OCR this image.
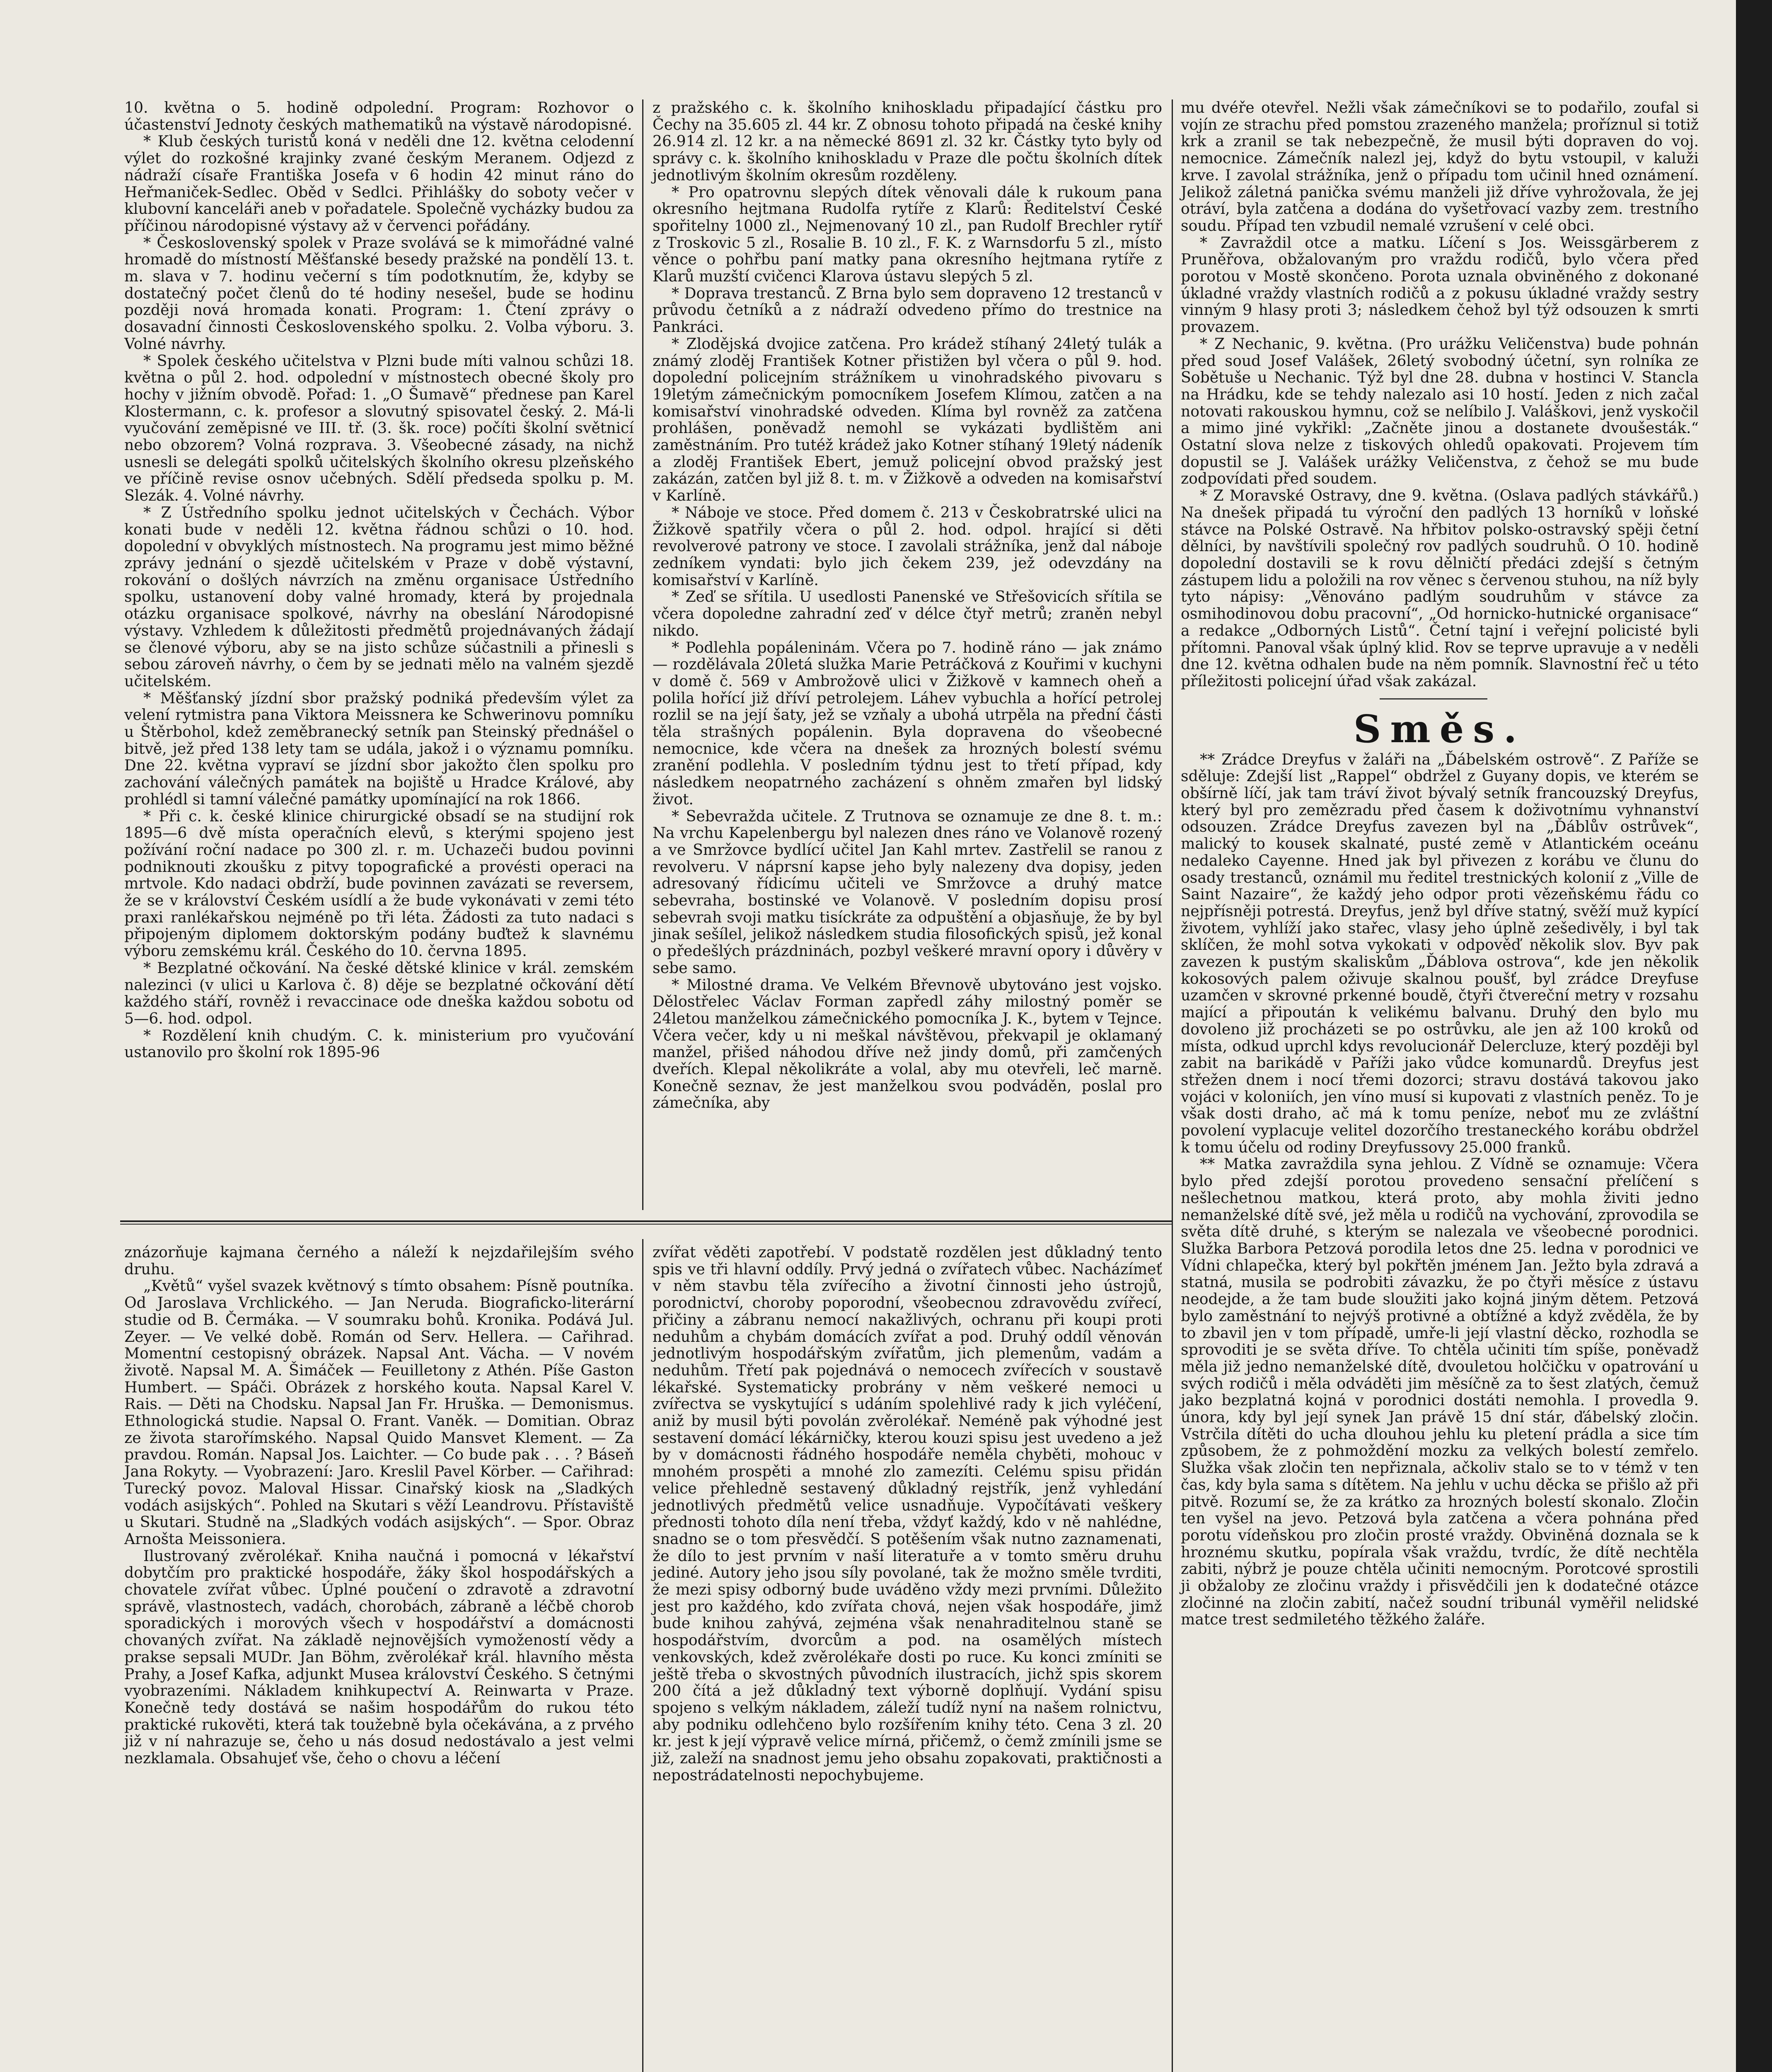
10. května o 5. hodině odpolední. Program: Rozhovor o účastenství Jednoty českých mathematiků na výstavě národopisné.

* Klub českých turistů koná v neděli dne 12. května celodenní výlet do rozkošné krajinky zvané českým Meranem. Odjezd z nádraží císaře Františka Josefa v 6 hodin 42 minut ráno do Heřmaniček-Sedlec. Oběd v Sedlci. Přihlášky do soboty večer v klubovní kanceláři aneb v pořadatele. Společně vycházky budou za příčinou národopisné výstavy až v červenci pořádány.

* Československý spolek v Praze svolává se k mimořádné valné hromadě do místností Měšťanské besedy pražské na pondělí 13. t. m. slava v 7. hodinu večerní s tím podotknutím, že, kdyby se dostatečný počet členů do té hodiny nesešel, bude se hodinu později nová hromada konati. Program: 1. Čtení zprávy o dosavadní činnosti Československého spolku. 2. Volba výboru. 3. Volné návrhy.

* Spolek českého učitelstva v Plzni bude míti valnou schůzi 18. května o půl 2. hod. odpolední v místnostech obecné školy pro hochy v jižním obvodě. Pořad: 1. „O Šumavě“ přednese pan Karel Klostermann, c. k. profesor a slovutný spisovatel český. 2. Má-li vyučování zeměpisné ve III. tř. (3. šk. roce) počíti školní světnicí nebo obzorem? Volná rozprava. 3. Všeobecné zásady, na nichž usnesli se delegáti spolků učitelských školního okresu plzeňského ve příčině revise osnov učebných. Sdělí předseda spolku p. M. Slezák. 4. Volné návrhy.

* Z Ústředního spolku jednot učitelských v Čechách. Výbor konati bude v neděli 12. května řádnou schůzi o 10. hod. dopolední v obvyklých místnostech. Na programu jest mimo běžné zprávy jednání o sjezdě učitelském v Praze v době výstavní, rokování o došlých návrzích na změnu organisace Ústředního spolku, ustanovení doby valné hromady, která by projednala otázku organisace spolkové, návrhy na obeslání Národopisné výstavy. Vzhledem k důležitosti předmětů projednávaných žádají se členové výboru, aby se na jisto schůze súčastnili a přinesli s sebou zároveň návrhy, o čem by se jednati mělo na valném sjezdě učitelském.

* Měšťanský jízdní sbor pražský podniká především výlet za velení rytmistra pana Viktora Meissnera ke Schwerinovu pomníku u Štěrbohol, kdež zeměbranecký setník pan Steinský přednášel o bitvě, jež před 138 lety tam se udála, jakož i o významu pomníku. Dne 22. května vypraví se jízdní sbor jakožto člen spolku pro zachování válečných památek na bojiště u Hradce Králové, aby prohlédl si tamní válečné památky upomínající na rok 1866.

* Při c. k. české klinice chirurgické obsadí se na studijní rok 1895—6 dvě místa operačních elevů, s kterými spojeno jest požívání roční nadace po 300 zl. r. m. Uchazeči budou povinni podniknouti zkoušku z pitvy topografické a provésti operaci na mrtvole. Kdo nadaci obdrží, bude povinnen zavázati se reversem, že se v království Českém usídlí a že bude vykonávati v zemi této praxi ranlékařskou nejméně po tři léta. Žádosti za tuto nadaci s připojeným diplomem doktorským podány buďtež k slavnému výboru zemskému král. Českého do 10. června 1895.

* Bezplatné očkování. Na české dětské klinice v král. zemském nalezinci (v ulici u Karlova č. 8) děje se bezplatné očkování dětí každého stáří, rovněž i revaccinace ode dneška každou sobotu od 5—6. hod. odpol.

* Rozdělení knih chudým. C. k. ministerium pro vyučování ustanovilo pro školní rok 1895-96

z pražského c. k. školního knihoskladu připadající částku pro Čechy na 35.605 zl. 44 kr. Z obnosu tohoto připadá na české knihy 26.914 zl. 12 kr. a na německé 8691 zl. 32 kr. Částky tyto byly od správy c. k. školního knihoskladu v Praze dle počtu školních dítek jednotlivým školním okresům rozděleny.

* Pro opatrovnu slepých dítek věnovali dále k rukoum pana okresního hejtmana Rudolfa rytíře z Klarů: Ředitelství České spořitelny 1000 zl., Nejmenovaný 10 zl., pan Rudolf Brechler rytíř z Troskovic 5 zl., Rosalie B. 10 zl., F. K. z Warnsdorfu 5 zl., místo věnce o pohřbu paní matky pana okresního hejtmana rytíře z Klarů muzští cvičenci Klarova ústavu slepých 5 zl.

* Doprava trestanců. Z Brna bylo sem dopraveno 12 trestanců v průvodu četníků a z nádraží odvedeno přímo do trestnice na Pankráci.

* Zlodějská dvojice zatčena. Pro krádež stíhaný 24letý tulák a známý zloděj František Kotner přistižen byl včera o půl 9. hod. dopolední policejním strážníkem u vinohradského pivovaru s 19letým zámečnickým pomocníkem Josefem Klímou, zatčen a na komisařství vinohradské odveden. Klíma byl rovněž za zatčena prohlášen, poněvadž nemohl se vykázati bydlištěm ani zaměstnáním. Pro tutéž krádež jako Kotner stíhaný 19letý nádeník a zloděj František Ebert, jemuž policejní obvod pražský jest zakázán, zatčen byl již 8. t. m. v Žižkově a odveden na komisařství v Karlíně.

* Náboje ve stoce. Před domem č. 213 v Českobratrské ulici na Žižkově spatřily včera o půl 2. hod. odpol. hrající si děti revolverové patrony ve stoce. I zavolali strážníka, jenž dal náboje zedníkem vyndati: bylo jich čekem 239, jež odevzdány na komisařství v Karlíně.

* Zeď se sřítila. U usedlosti Panenské ve Střešovicích sřítila se včera dopoledne zahradní zeď v délce čtyř metrů; zraněn nebyl nikdo.

* Podlehla popáleninám. Včera po 7. hodině ráno — jak známo — rozdělávala 20letá služka Marie Petráčková z Kouřimi v kuchyni v domě č. 569 v Ambrožově ulici v Žižkově v kamnech oheň a polila hořící již dříví petrolejem. Láhev vybuchla a hořící petrolej rozlil se na její šaty, jež se vzňaly a ubohá utrpěla na přední části těla strašných popálenin. Byla dopravena do všeobecné nemocnice, kde včera na dnešek za hrozných bolestí svému zranění podlehla. V posledním týdnu jest to třetí případ, kdy následkem neopatrného zacházení s ohněm zmařen byl lidský život.

* Sebevražda učitele. Z Trutnova se oznamuje ze dne 8. t. m.: Na vrchu Kapelenbergu byl nalezen dnes ráno ve Volanově rozený a ve Smržovce bydlící učitel Jan Kahl mrtev. Zastřelil se ranou z revolveru. V náprsní kapse jeho byly nalezeny dva dopisy, jeden adresovaný řídicímu učiteli ve Smržovce a druhý matce sebevraha, bostinské ve Volanově. V posledním dopisu prosí sebevrah svoji matku tisíckráte za odpuštění a objasňuje, že by byl jinak sešílel, jelikož následkem studia filosofických spisů, jež konal o předešlých prázdninách, pozbyl veškeré mravní opory i důvěry v sebe samo.

* Milostné drama. Ve Velkém Břevnově ubytováno jest vojsko. Dělostřelec Václav Forman zapředl záhy milostný poměr se 24letou manželkou zámečnického pomocníka J. K., bytem v Tejnce. Včera večer, kdy u ni meškal návštěvou, překvapil je oklamaný manžel, přišed náhodou dříve než jindy domů, při zamčených dveřích. Klepal několikráte a volal, aby mu otevřeli, leč marně. Konečně seznav, že jest manželkou svou podváděn, poslal pro zámečníka, aby

mu dvéře otevřel. Nežli však zámečníkovi se to podařilo, zoufal si vojín ze strachu před pomstou zrazeného manžela; proříznul si totiž krk a zranil se tak nebezpečně, že musil býti dopraven do voj. nemocnice. Zámečník nalezl jej, když do bytu vstoupil, v kaluži krve. I zavolal strážníka, jenž o případu tom učinil hned oznámení. Jelikož záletná panička svému manželi již dříve vyhrožovala, že jej otráví, byla zatčena a dodána do vyšetřovací vazby zem. trestního soudu. Případ ten vzbudil nemalé vzrušení v celé obci.

* Zavraždil otce a matku. Líčení s Jos. Weissgärberem z Pruněřova, obžalovaným pro vraždu rodičů, bylo včera před porotou v Mostě skončeno. Porota uznala obviněného z dokonané úkladné vraždy vlastních rodičů a z pokusu úkladné vraždy sestry vinným 9 hlasy proti 3; následkem čehož byl týž odsouzen k smrti provazem.

* Z Nechanic, 9. května. (Pro urážku Veličenstva) bude pohnán před soud Josef Valášek, 26letý svobodný účetní, syn rolníka ze Sobětuše u Nechanic. Týž byl dne 28. dubna v hostinci V. Stancla na Hrádku, kde se tehdy nalezalo asi 10 hostí. Jeden z nich začal notovati rakouskou hymnu, což se nelíbilo J. Valáškovi, jenž vyskočil a mimo jiné vykřikl: „Začněte jinou a dostanete dvoušesták.“ Ostatní slova nelze z tiskových ohledů opakovati. Projevem tím dopustil se J. Valášek urážky Veličenstva, z čehož se mu bude zodpovídati před soudem.

* Z Moravské Ostravy, dne 9. května. (Oslava padlých stávkářů.) Na dnešek připadá tu výroční den padlých 13 horníků v loňské stávce na Polské Ostravě. Na hřbitov polsko-ostravský spěji četní dělníci, by navštívili společný rov padlých soudruhů. O 10. hodině dopolední dostavili se k rovu dělničtí předáci zdejší s četným zástupem lidu a položili na rov věnec s červenou stuhou, na níž byly tyto nápisy: „Věnováno padlým soudruhům v stávce za osmihodinovou dobu pracovní“, „Od hornicko-hutnické organisace“ a redakce „Odborných Listů“. Četní tajní i veřejní policisté byli přítomni. Panoval však úplný klid. Rov se teprve upravuje a v neděli dne 12. května odhalen bude na něm pomník. Slavnostní řeč u této příležitosti policejní úřad však zakázal.

Směs.

** Zrádce Dreyfus v žaláři na „Ďábelském ostrově“. Z Paříže se sděluje: Zdejší list „Rappel“ obdržel z Guyany dopis, ve kterém se obšírně líčí, jak tam tráví život bývalý setník francouzský Dreyfus, který byl pro zemězradu před časem k doživotnímu vyhnanství odsouzen. Zrádce Dreyfus zavezen byl na „Ďáblův ostrůvek“, malický to kousek skalnaté, pusté země v Atlantickém oceánu nedaleko Cayenne. Hned jak byl přivezen z korábu ve člunu do osady trestanců, oznámil mu ředitel trestnických kolonií z „Ville de Saint Nazaire“, že každý jeho odpor proti vězeňskému řádu co nejpřísněji potrestá. Dreyfus, jenž byl dříve statný, svěží muž kypící životem, vyhlíží jako stařec, vlasy jeho úplně zešedivěly, i byl tak sklíčen, že mohl sotva vykokati v odpověď několik slov. Byv pak zavezen k pustým skaliskům „Ďáblova ostrova“, kde jen několik kokosových palem oživuje skalnou poušť, byl zrádce Dreyfuse uzamčen v skrovné prkenné boudě, čtyři čtvereční metry v rozsahu mající a připoután k velikému balvanu. Druhý den bylo mu dovoleno již procházeti se po ostrůvku, ale jen až 100 kroků od místa, odkud uprchl kdys revolucionář Delercluze, který později byl zabit na barikádě v Paříži jako vůdce komunardů. Dreyfus jest střežen dnem i nocí třemi dozorci; stravu dostává takovou jako vojáci v koloniích, jen víno musí si kupovati z vlastních peněz. To je však dosti draho, ač má k tomu peníze, neboť mu ze zvláštní povolení vyplacuje velitel dozorčího trestaneckého korábu obdržel k tomu účelu od rodiny Dreyfussovy 25.000 franků.

** Matka zavraždila syna jehlou. Z Vídně se oznamuje: Včera bylo před zdejší porotou provedeno sensační přelíčení s nešlechetnou matkou, která proto, aby mohla živiti jedno nemanželské dítě své, jež měla u rodičů na vychování, zprovodila se světa dítě druhé, s kterým se nalezala ve všeobecné porodnici. Služka Barbora Petzová porodila letos dne 25. ledna v porodnici ve Vídni chlapečka, který byl pokřtěn jménem Jan. Ježto byla zdravá a statná, musila se podrobiti závazku, že po čtyři měsíce z ústavu neodejde, a že tam bude sloužiti jako kojná jiným dětem. Petzová bylo zaměstnání to nejvýš protivné a obtížné a když zvěděla, že by to zbavil jen v tom případě, umře-li její vlastní děcko, rozhodla se sprovoditi je se světa dříve. To chtěla učiniti tím spíše, poněvadž měla již jedno nemanželské dítě, dvouletou holčičku v opatrování u svých rodičů i měla odváděti jim měsíčně za to šest zlatých, čemuž jako bezplatná kojná v porodnici dostáti nemohla. I provedla 9. února, kdy byl její synek Jan právě 15 dní stár, ďábelský zločin. Vstrčila dítěti do ucha dlouhou jehlu ku pletení prádla a sice tím způsobem, že z pohmoždění mozku za velkých bolestí zemřelo. Služka však zločin ten nepřiznala, ačkoliv stalo se to v témž v ten čas, kdy byla sama s dítětem. Na jehlu v uchu děcka se přišlo až při pitvě. Rozumí se, že za krátko za hrozných bolestí skonalo. Zločin ten vyšel na jevo. Petzová byla zatčena a včera pohnána před porotu vídeňskou pro zločin prosté vraždy. Obviněná doznala se k hroznému skutku, popírala však vraždu, tvrdíc, že dítě nechtěla zabiti, nýbrž je pouze chtěla učiniti nemocným. Porotcové sprostili ji obžaloby ze zločinu vraždy i přisvědčili jen k dodatečné otázce zločinné na zločin zabití, načež soudní tribunál vyměřil nelidské matce trest sedmiletého těžkého žaláře.

znázorňuje kajmana černého a náleží k nejzdařilejším svého druhu.

„Květů“ vyšel svazek květnový s tímto obsahem: Písně poutníka. Od Jaroslava Vrchlického. — Jan Neruda. Biograficko-literární studie od B. Čermáka. — V soumraku bohů. Kronika. Podává Jul. Zeyer. — Ve velké době. Román od Serv. Hellera. — Cařihrad. Momentní cestopisný obrázek. Napsal Ant. Vácha. — V novém životě. Napsal M. A. Šimáček — Feuilletony z Athén. Píše Gaston Humbert. — Spáči. Obrázek z horského kouta. Napsal Karel V. Rais. — Děti na Chodsku. Napsal Jan Fr. Hruška. — Demonismus. Ethnologická studie. Napsal O. Frant. Vaněk. — Domitian. Obraz ze života starořímského. Napsal Quido Mansvet Klement. — Za pravdou. Román. Napsal Jos. Laichter. — Co bude pak . . . ? Báseň Jana Rokyty. — Vyobrazení: Jaro. Kreslil Pavel Körber. — Cařihrad: Turecký povoz. Maloval Hissar. Cinařský kiosk na „Sladkých vodách asijských“. Pohled na Skutari s věží Leandrovu. Přístaviště u Skutari. Studně na „Sladkých vodách asijských“. — Spor. Obraz Arnošta Meissoniera.

Ilustrovaný zvěrolékař. Kniha naučná i pomocná v lékařství dobytčím pro praktické hospodáře, žáky škol hospodářských a chovatele zvířat vůbec. Úplné poučení o zdravotě a zdravotní správě, vlastnostech, vadách, chorobách, zábraně a léčbě chorob sporadických i morových všech v hospodářství a domácnosti chovaných zvířat. Na základě nejnovějších vymožeností vědy a prakse sepsali MUDr. Jan Böhm, zvěrolékař král. hlavního města Prahy, a Josef Kafka, adjunkt Musea království Českého. S četnými vyobrazeními. Nákladem knihkupectví A. Reinwarta v Praze. Konečně tedy dostává se našim hospodářům do rukou této praktické rukověti, která tak toužebně byla očekávána, a z prvého již v ní nahrazuje se, čeho u nás dosud nedostávalo a jest velmi nezklamala. Obsahujeť vše, čeho o chovu a léčení

zvířat věděti zapotřebí. V podstatě rozdělen jest důkladný tento spis ve tři hlavní oddíly. Prvý jedná o zvířatech vůbec. Nacházímeť v něm stavbu těla zvířecího a životní činnosti jeho ústrojů, porodnictví, choroby poporodní, všeobecnou zdravovědu zvířecí, přičiny a zábranu nemocí nakažlivých, ochranu při koupi proti neduhům a chybám domácích zvířat a pod. Druhý oddíl věnován jednotlivým hospodářským zvířatům, jich plemenům, vadám a neduhům. Třetí pak pojednává o nemocech zvířecích v soustavě lékařské. Systematicky probrány v něm veškeré nemoci u zvířectva se vyskytující s udáním spolehlivé rady k jich vyléčení, aniž by musil býti povolán zvěrolékař. Neméně pak výhodné jest sestavení domácí lékárničky, kterou kouzi spisu jest uvedeno a jež by v domácnosti řádného hospodáře neměla chyběti, mohouc v mnohém prospěti a mnohé zlo zamezíti. Celému spisu přidán velice přehledně sestavený důkladný rejstřík, jenž vyhledání jednotlivých předmětů velice usnadňuje. Vypočítávati veškery přednosti tohoto díla není třeba, vždyť každý, kdo v ně nahlédne, snadno se o tom přesvědčí. S potěšením však nutno zaznamenati, že dílo to jest prvním v naší literatuře a v tomto směru druhu jediné. Autory jeho jsou síly povolané, tak že možno směle tvrditi, že mezi spisy odborný bude uváděno vždy mezi prvními. Důležito jest pro každého, kdo zvířata chová, nejen však hospodáře, jimž bude knihou zahývá, zejména však nenahraditelnou staně se hospodářstvím, dvorcům a pod. na osamělých místech venkovských, kdež zvěrolékaře dosti po ruce. Ku konci zmíniti se ještě třeba o skvostných původních ilustracích, jichž spis skorem 200 čítá a jež důkladný text výborně doplňují. Vydání spisu spojeno s velkým nákladem, záleží tudíž nyní na našem rolnictvu, aby podniku odlehčeno bylo rozšířením knihy této. Cena 3 zl. 20 kr. jest k její výpravě velice mírná, přičemž, o čemž zmínili jsme se již, zaleží na snadnost jemu jeho obsahu zopakovati, praktičnosti a nepostrádatelnosti nepochybujeme.
